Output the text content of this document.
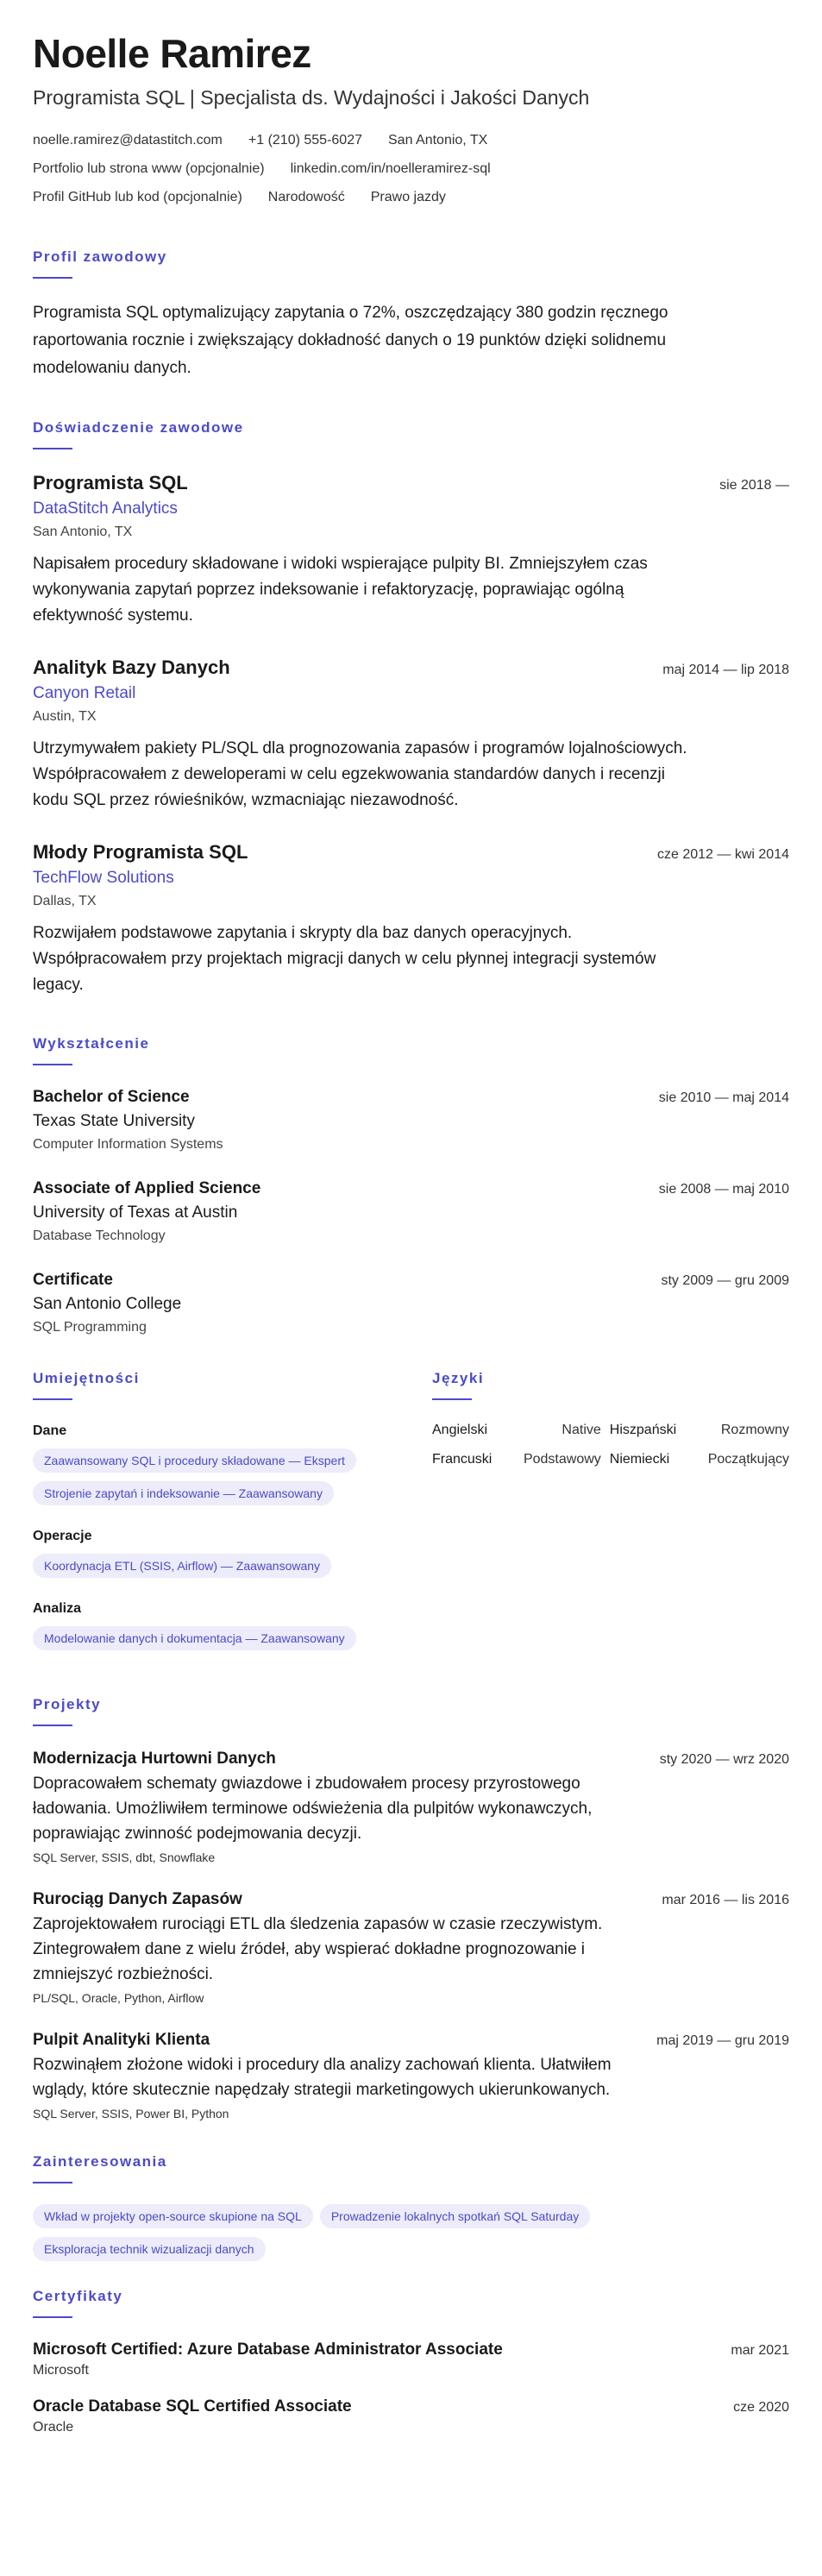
Noelle Ramirez
Programista SQL | Specjalista ds. Wydajności i Jakości Danych
noelle.ramirez@datastitch.com +1 (210) 555-6027 San Antonio, TX
Portfolio lub strona www (opcjonalnie) linkedin.com/in/noelleramirez-sql
Profil GitHub lub kod (opcjonalnie) Narodowość Prawo jazdy
Profil zawodowy

Programista SQL optymalizujący zapytania o 72%, oszczędzający 380 godzin ręcznego raportowania rocznie i zwiększający dokładność danych o 19 punktów dzięki solidnemu modelowaniu danych.

Doświadczenie zawodowe
Programista SQL	sie 2018 —
DataStitch Analytics
San Antonio, TX

Napisałem procedury składowane i widoki wspierające pulpity BI. Zmniejszyłem czas wykonywania zapytań poprzez indeksowanie i refaktoryzację, poprawiając ogólną efektywność systemu.

Analityk Bazy Danych	maj 2014 — lip 2018
Canyon Retail
Austin, TX

Utrzymywałem pakiety PL/SQL dla prognozowania zapasów i programów lojalnościowych. Współpracowałem z deweloperami w celu egzekwowania standardów danych i recenzji kodu SQL przez rówieśników, wzmacniając niezawodność.

Młody Programista SQL	cze 2012 — kwi 2014
TechFlow Solutions
Dallas, TX

Rozwijałem podstawowe zapytania i skrypty dla baz danych operacyjnych. Współpracowałem przy projektach migracji danych w celu płynnej integracji systemów legacy.

Wykształcenie
Bachelor of Science	sie 2010 — maj 2014
Texas State University
Computer Information Systems
Associate of Applied Science	sie 2008 — maj 2010
University of Texas at Austin
Database Technology
Certificate	sty 2009 — gru 2009
San Antonio College
SQL Programming
Umiejętności
Dane
Zaawansowany SQL i procedury składowane — Ekspert
Strojenie zapytań i indeksowanie — Zaawansowany
Operacje
Koordynacja ETL (SSIS, Airflow) — Zaawansowany
Analiza
Modelowanie danych i dokumentacja — Zaawansowany
Języki
Angielski	Native Hiszpański	Rozmowny
Francuski	Podstawowy Niemiecki	Początkujący
Projekty
Modernizacja Hurtowni Danych	sty 2020 — wrz 2020

Dopracowałem schematy gwiazdowe i zbudowałem procesy przyrostowego ładowania. Umożliwiłem terminowe odświeżenia dla pulpitów wykonawczych, poprawiając zwinność podejmowania decyzji.

SQL Server, SSIS, dbt, Snowflake
Rurociąg Danych Zapasów	mar 2016 — lis 2016

Zaprojektowałem rurociągi ETL dla śledzenia zapasów w czasie rzeczywistym. Zintegrowałem dane z wielu źródeł, aby wspierać dokładne prognozowanie i zmniejszyć rozbieżności.

PL/SQL, Oracle, Python, Airflow
Pulpit Analityki Klienta	maj 2019 — gru 2019

Rozwinąłem złożone widoki i procedury dla analizy zachowań klienta. Ułatwiłem wglądy, które skutecznie napędzały strategii marketingowych ukierunkowanych.

SQL Server, SSIS, Power BI, Python
Zainteresowania
Wkład w projekty open-source skupione na SQL	Prowadzenie lokalnych spotkań SQL Saturday
Eksploracja technik wizualizacji danych
Certyfikaty
Microsoft Certified: Azure Database Administrator Associate	mar 2021
Microsoft
Oracle Database SQL Certified Associate	cze 2020
Oracle
